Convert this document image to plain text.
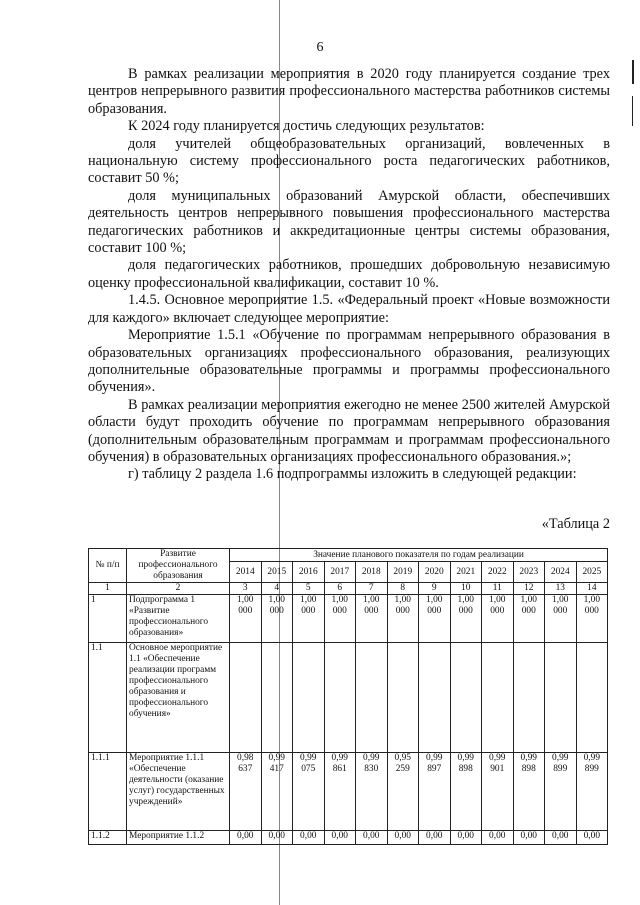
6

В рамках реализации мероприятия в 2020 году планируется создание трех центров непрерывного развития профессионального мастерства работников системы образования.

К 2024 году планируется достичь следующих результатов:

доля учителей общеобразовательных организаций, вовлеченных в национальную систему профессионального роста педагогических работников, составит 50 %;

доля муниципальных образований Амурской области, обеспечивших деятельность центров непрерывного повышения профессионального мастерства педагогических работников и аккредитационные центры системы образования, составит 100 %;

доля педагогических работников, прошедших добровольную независимую оценку профессиональной квалификации, составит 10 %.

1.4.5. Основное мероприятие 1.5. «Федеральный проект «Новые возможности для каждого» включает следующее мероприятие:

Мероприятие 1.5.1 «Обучение по программам непрерывного образования в образовательных организациях профессионального образования, реализующих дополнительные образовательные программы и программы профессионального обучения».

В рамках реализации мероприятия ежегодно не менее 2500 жителей Амурской области будут проходить обучение по программам непрерывного образования (дополнительным образовательным программам и программам профессионального обучения) в образовательных организациях профессионального образования.»;

г) таблицу 2 раздела 1.6 подпрограммы изложить в следующей редакции:

«Таблица 2
№ п/п	Развитие профессионального образования	Значение планового показателя по годам реализации											
		2014	2015	2016	2017	2018	2019	2020	2021	2022	2023	2024	2025
1	2	3	4	5	6	7	8	9	10	11	12	13	14
1	Подпрограмма 1 «Развитие профессионального образования»	1,00 000	1,00 000	1,00 000	1,00 000	1,00 000	1,00 000	1,00 000	1,00 000	1,00 000	1,00 000	1,00 000	1,00 000
1.1	Основное мероприятие 1.1 «Обеспечение реализации программ профессионального образования и профессионального обучения»												
1.1.1	Мероприятие 1.1.1 «Обеспечение деятельности (оказание услуг) государственных учреждений»	0,98 637	0,99 417	0,99 075	0,99 861	0,99 830	0,95 259	0,99 897	0,99 898	0,99 901	0,99 898	0,99 899	0,99 899
1.1.2	Мероприятие 1.1.2	0,00	0,00	0,00	0,00	0,00	0,00	0,00	0,00	0,00	0,00	0,00	0,00
